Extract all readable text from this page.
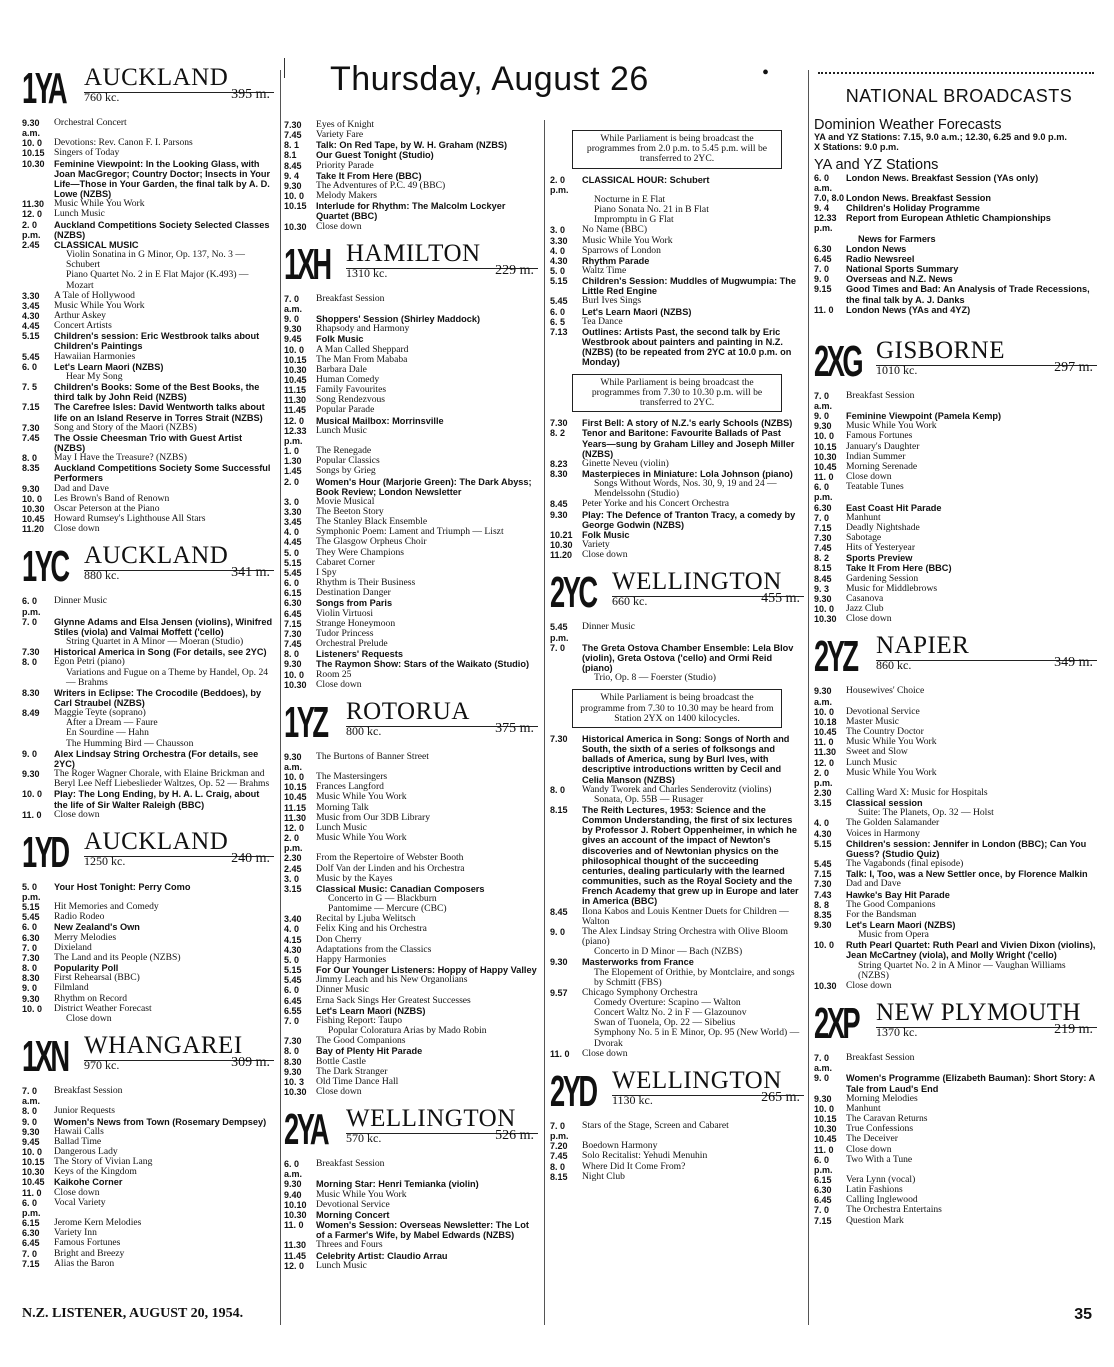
Thursday, August 26	•
1YA AUCKLAND
760 kc.	395 m.
9.30 a.m.
Orchestral Concert
10. 0	Devotions: Rev. Canon F. I. Parsons
10.15 Singers of Today
10.30	Feminine Viewpoint: In the Looking Glass, with Joan MacGregor; Country Doctor; Insects in Your Life—Those in Your Garden, the final talk by A. D. Lowe (NZBS)
11.30	Music While You Work
12. 0	Lunch Music
2. 0 p.m.
Auckland Competitions Society Selected Classes (NZBS)
2.45	CLASSICAL MUSIC
Violin Sonatina in G Minor, Op. 137, No. 3 — Schubert
Piano Quartet No. 2 in E Flat Major (K.493) — Mozart
3.30	A Tale of Hollywood
3.45	Music While You Work
4.30	Arthur Askey
4.45	Concert Artists
5.15	Children's session: Eric Westbrook talks about Children's Paintings
5.45	Hawaiian Harmonies
6. 0	Let's Learn Maori (NZBS)
Hear My Song
7. 5	Children's Books: Some of the Best Books, the third talk by John Reid (NZBS)
7.15	The Carefree Isles: David Wentworth talks about life on an Island Reserve in Torres Strait (NZBS)
7.30	Song and Story of the Maori (NZBS)
7.45	The Ossie Cheesman Trio with Guest Artist (NZBS)
8. 0	May I Have the Treasure? (NZBS)
8.35	Auckland Competitions Society Some Successful Performers
9.30	Dad and Dave
10. 0	Les Brown's Band of Renown
10.30 Oscar Peterson at the Piano
10.45 Howard Rumsey's Lighthouse All Stars
11.20	Close down
1YC AUCKLAND
880 kc.	341 m.
6. 0 p.m.
Dinner Music
7. 0	Glynne Adams and Elsa Jensen (violins), Winifred Stiles (viola) and Valmai Moffett ('cello)
String Quartet in A Minor — Moeran (Studio)
7.30	Historical America in Song (For details, see 2YC)
8. 0	Egon Petri (piano)
Variations and Fugue on a Theme by Handel, Op. 24 — Brahms
8.30	Writers in Eclipse: The Crocodile (Beddoes), by Carl Straubel (NZBS)
8.49	Maggie Teyte (soprano)
After a Dream — Faure
En Sourdine — Hahn
The Humming Bird — Chausson
9. 0	Alex Lindsay String Orchestra (For details, see 2YC)
9.30	The Roger Wagner Chorale, with Elaine Brickman and Beryl Lee Neff Liebeslieder Waltzes, Op. 52 — Brahms
10. 0	Play: The Long Ending, by H. A. L. Craig, about the life of Sir Walter Raleigh (BBC)
11. 0	Close down
1YD AUCKLAND
1250 kc.	240 m.
5. 0 p.m.
Your Host Tonight: Perry Como
5.15	Hit Memories and Comedy
5.45	Radio Rodeo
6. 0	New Zealand's Own
6.30	Merry Melodies
7. 0	Dixieland
7.30	The Land and its People (NZBS)
8. 0	Popularity Poll
8.30	First Rehearsal (BBC)
9. 0	Filmland
9.30	Rhythm on Record
10. 0	District Weather Forecast
Close down
1XN WHANGAREI
970 kc.	309 m.
7. 0 a.m.
Breakfast Session
8. 0	Junior Requests
9. 0	Women's News from Town (Rosemary Dempsey)
9.30	Hawaii Calls
9.45	Ballad Time
10. 0	Dangerous Lady
10.15 The Story of Vivian Lang
10.30 Keys of the Kingdom
10.45	Kaikohe Corner
11. 0	Close down
6. 0 p.m.
Vocal Variety
6.15	Jerome Kern Melodies
6.30	Variety Inn
6.45	Famous Fortunes
7. 0	Bright and Breezy
7.15	Alias the Baron
7.30	Eyes of Knight
7.45	Variety Fare
8. 1	Talk: On Red Tape, by W. H. Graham (NZBS)
8.1	Our Guest Tonight (Studio)
8.45	Priority Parade
9. 4	Take It From Here (BBC)
9.30	The Adventures of P.C. 49 (BBC)
10. 0	Melody Makers
10.15	Interlude for Rhythm: The Malcolm Lockyer Quartet (BBC)
10.30 Close down
1XH HAMILTON
1310 kc.	229 m.
7. 0 a.m.
Breakfast Session
9. 0	Shoppers' Session (Shirley Maddock)
9.30	Rhapsody and Harmony
9.45	Folk Music
10. 0	A Man Called Sheppard
10.15 The Man From Mababa
10.30 Barbara Dale
10.45 Human Comedy
11.15	Family Favourites
11.30	Song Rendezvous
11.45	Popular Parade
12. 0	Musical Mailbox: Morrinsville
12.33 p.m.
Lunch Music
1. 0	The Renegade
1.30	Popular Classics
1.45	Songs by Grieg
2. 0	Women's Hour (Marjorie Green): The Dark Abyss; Book Review; London Newsletter
3. 0	Movie Musical
3.30	The Beeton Story
3.45	The Stanley Black Ensemble
4. 0	Symphonic Poem: Lament and Triumph — Liszt
4.45	The Glasgow Orpheus Choir
5. 0	They Were Champions
5.15	Cabaret Corner
5.45	I Spy
6. 0	Rhythm is Their Business
6.15	Destination Danger
6.30	Songs from Paris
6.45	Violin Virtuosi
7.15	Strange Honeymoon
7.30	Tudor Princess
7.45	Orchestral Prelude
8. 0	Listeners' Requests
9.30	The Raymon Show: Stars of the Waikato (Studio)
10. 0	Room 25
10.30 Close down
1YZ ROTORUA
800 kc.	375 m.
9.30 a.m.
The Burtons of Banner Street
10. 0	The Mastersingers
10.15 Frances Langford
10.45 Music While You Work
11.15	Morning Talk
11.30	Music from Our 3DB Library
12. 0	Lunch Music
2. 0 p.m.
Music While You Work
2.30	From the Repertoire of Webster Booth
2.45	Dolf Van der Linden and his Orchestra
3. 0	Music by the Kayes
3.15	Classical Music: Canadian Composers
Concerto in G — Blackburn
Pantomime — Mercure (CBC)
3.40	Recital by Ljuba Welitsch
4. 0	Felix King and his Orchestra
4.15	Don Cherry
4.30	Adaptations from the Classics
5. 0	Happy Harmonies
5.15	For Our Younger Listeners: Hoppy of Happy Valley
5.45	Jimmy Leach and his New Organolians
6. 0	Dinner Music
6.45	Erna Sack Sings Her Greatest Successes
6.55	Let's Learn Maori (NZBS)
7. 0	Fishing Report: Taupo
Popular Coloratura Arias by Mado Robin
7.30	The Good Companions
8. 0	Bay of Plenty Hit Parade
8.30	Bottle Castle
9.30	The Dark Stranger
10. 3	Old Time Dance Hall
10.30 Close down
2YA WELLINGTON
570 kc.	526 m.
6. 0 a.m.
Breakfast Session
9.30	Morning Star: Henri Temianka (violin)
9.40	Music While You Work
10.10 Devotional Service
10.30	Morning Concert
11. 0	Women's Session: Overseas Newsletter: The Lot of a Farmer's Wife, by Mabel Edwards (NZBS)
11.30	Threes and Fours
11.45	Celebrity Artist: Claudio Arrau
12. 0	Lunch Music
While Parliament is being broadcast the programmes from 2.0 p.m. to 5.45 p.m. will be transferred to 2YC.
2. 0 p.m.
CLASSICAL HOUR: Schubert
Nocturne in E Flat
Piano Sonata No. 21 in B Flat
Impromptu in G Flat
3. 0	No Name (BBC)
3.30	Music While You Work
4. 0	Sparrows of London
4.30	Rhythm Parade
5. 0	Waltz Time
5.15	Children's Session: Muddles of Mugwumpia: The Little Red Engine
5.45	Burl Ives Sings
6. 0	Let's Learn Maori (NZBS)
6. 5	Tea Dance
7.13	Outlines: Artists Past, the second talk by Eric Westbrook about painters and painting in N.Z. (NZBS) (to be repeated from 2YC at 10.0 p.m. on Monday)
While Parliament is being broadcast the programmes from 7.30 to 10.30 p.m. will be transferred to 2YC.
7.30	First Bell: A story of N.Z.'s early Schools (NZBS)
8. 2	Tenor and Baritone: Favourite Ballads of Past Years—sung by Graham Lilley and Joseph Miller (NZBS)
8.23	Ginette Neveu (violin)
8.30	Masterpieces in Miniature: Lola Johnson (piano)
Songs Without Words, Nos. 30, 9, 19 and 24 — Mendelssohn (Studio)
8.45	Peter Yorke and his Concert Orchestra
9.30	Play: The Defence of Tranton Tracy, a comedy by George Godwin (NZBS)
10.21	Folk Music
10.30 Variety
11.20	Close down
2YC WELLINGTON
660 kc.	455 m.
5.45 p.m.
Dinner Music
7. 0	The Greta Ostova Chamber Ensemble: Lela Blov (violin), Greta Ostova ('cello) and Ormi Reid (piano)
Trio, Op. 8 — Foerster (Studio)
While Parliament is being broadcast the programme from 7.30 to 10.30 may be heard from Station 2YX on 1400 kilocycles.
7.30	Historical America in Song: Songs of North and South, the sixth of a series of folksongs and ballads of America, sung by Burl Ives, with descriptive introductions written by Cecil and Celia Manson (NZBS)
8. 0	Wandy Tworek and Charles Senderovitz (violins)
Sonata, Op. 55B — Rusager
8.15	The Reith Lectures, 1953: Science and the Common Understanding, the first of six lectures by Professor J. Robert Oppenheimer, in which he gives an account of the impact of Newton's discoveries and of Newtonian physics on the philosophical thought of the succeeding centuries, dealing particularly with the learned communities, such as the Royal Society and the French Academy that grew up in Europe and later in America (BBC)
8.45	Ilona Kabos and Louis Kentner Duets for Children — Walton
9. 0	The Alex Lindsay String Orchestra with Olive Bloom (piano)
Concerto in D Minor — Bach (NZBS)
9.30	Masterworks from France
The Elopement of Orithie, by Montclaire, and songs by Schmitt (FBS)
9.57	Chicago Symphony Orchestra
Comedy Overture: Scapino — Walton
Concert Waltz No. 2 in F — Glazounov
Swan of Tuonela, Op. 22 — Sibelius
Symphony No. 5 in E Minor, Op. 95 (New World) — Dvorak
11. 0	Close down
2YD WELLINGTON
1130 kc.	265 m.
7. 0 p.m.
Stars of the Stage, Screen and Cabaret
7.20	Boedown Harmony
7.45	Solo Recitalist: Yehudi Menuhin
8. 0	Where Did It Come From?
8.15	Night Club
NATIONAL BROADCASTS
Dominion Weather Forecasts
YA and YZ Stations: 7.15, 9.0 a.m.; 12.30, 6.25 and 9.0 p.m.
X Stations: 9.0 p.m.
YA and YZ Stations
6. 0 a.m.
London News. Breakfast Session (YAs only)
7.0, 8.0 London News. Breakfast Session
9. 4	Children's Holiday Programme
12.33 p.m.
Report from European Athletic Championships
News for Farmers
6.30	London News
6.45	Radio Newsreel
7. 0	National Sports Summary
9. 0	Overseas and N.Z. News
9.15	Good Times and Bad: An Analysis of Trade Recessions, the final talk by A. J. Danks
11. 0	London News (YAs and 4YZ)
2XG GISBORNE
1010 kc.	297 m.
7. 0 a.m.
Breakfast Session
9. 0	Feminine Viewpoint (Pamela Kemp)
9.30	Music While You Work
10. 0	Famous Fortunes
10.15 January's Daughter
10.30 Indian Summer
10.45 Morning Serenade
11. 0	Close down
6. 0 p.m.
Teatable Tunes
6.30	East Coast Hit Parade
7. 0	Manhunt
7.15	Deadly Nightshade
7.30	Sabotage
7.45	Hits of Yesteryear
8. 2	Sports Preview
8.15	Take It From Here (BBC)
8.45	Gardening Session
9. 3	Music for Middlebrows
9.30	Casanova
10. 0	Jazz Club
10.30 Close down
2YZ NAPIER
860 kc.	349 m.
9.30 a.m.
Housewives' Choice
10. 0	Devotional Service
10.18 Master Music
10.45 The Country Doctor
11. 0	Music While You Work
11.30	Sweet and Slow
12. 0	Lunch Music
2. 0 p.m.
Music While You Work
2.30	Calling Ward X: Music for Hospitals
3.15	Classical session
Suite: The Planets, Op. 32 — Holst
4. 0	The Golden Salamander
4.30	Voices in Harmony
5.15	Children's session: Jennifer in London (BBC); Can You Guess? (Studio Quiz)
5.45	The Vagabonds (final episode)
7.15	Talk: I, Too, was a New Settler once, by Florence Malkin
7.30	Dad and Dave
7.43	Hawke's Bay Hit Parade
8. 8	The Good Companions
8.35	For the Bandsman
9.30	Let's Learn Maori (NZBS)
Music from Opera
10. 0	Ruth Pearl Quartet: Ruth Pearl and Vivien Dixon (violins), Jean McCartney (viola), and Molly Wright ('cello)
String Quartet No. 2 in A Minor — Vaughan Williams (NZBS)
10.30 Close down
2XP NEW PLYMOUTH
1370 kc.	219 m.
7. 0 a.m.
Breakfast Session
9. 0	Women's Programme (Elizabeth Bauman): Short Story: A Tale from Laud's End
9.30	Morning Melodies
10. 0	Manhunt
10.15 The Caravan Returns
10.30 True Confessions
10.45 The Deceiver
11. 0	Close down
6. 0 p.m.
Two With a Tune
6.15	Vera Lynn (vocal)
6.30	Latin Fashions
6.45	Calling Inglewood
7. 0	The Orchestra Entertains
7.15	Question Mark
N.Z. LISTENER, AUGUST 20, 1954.	35
